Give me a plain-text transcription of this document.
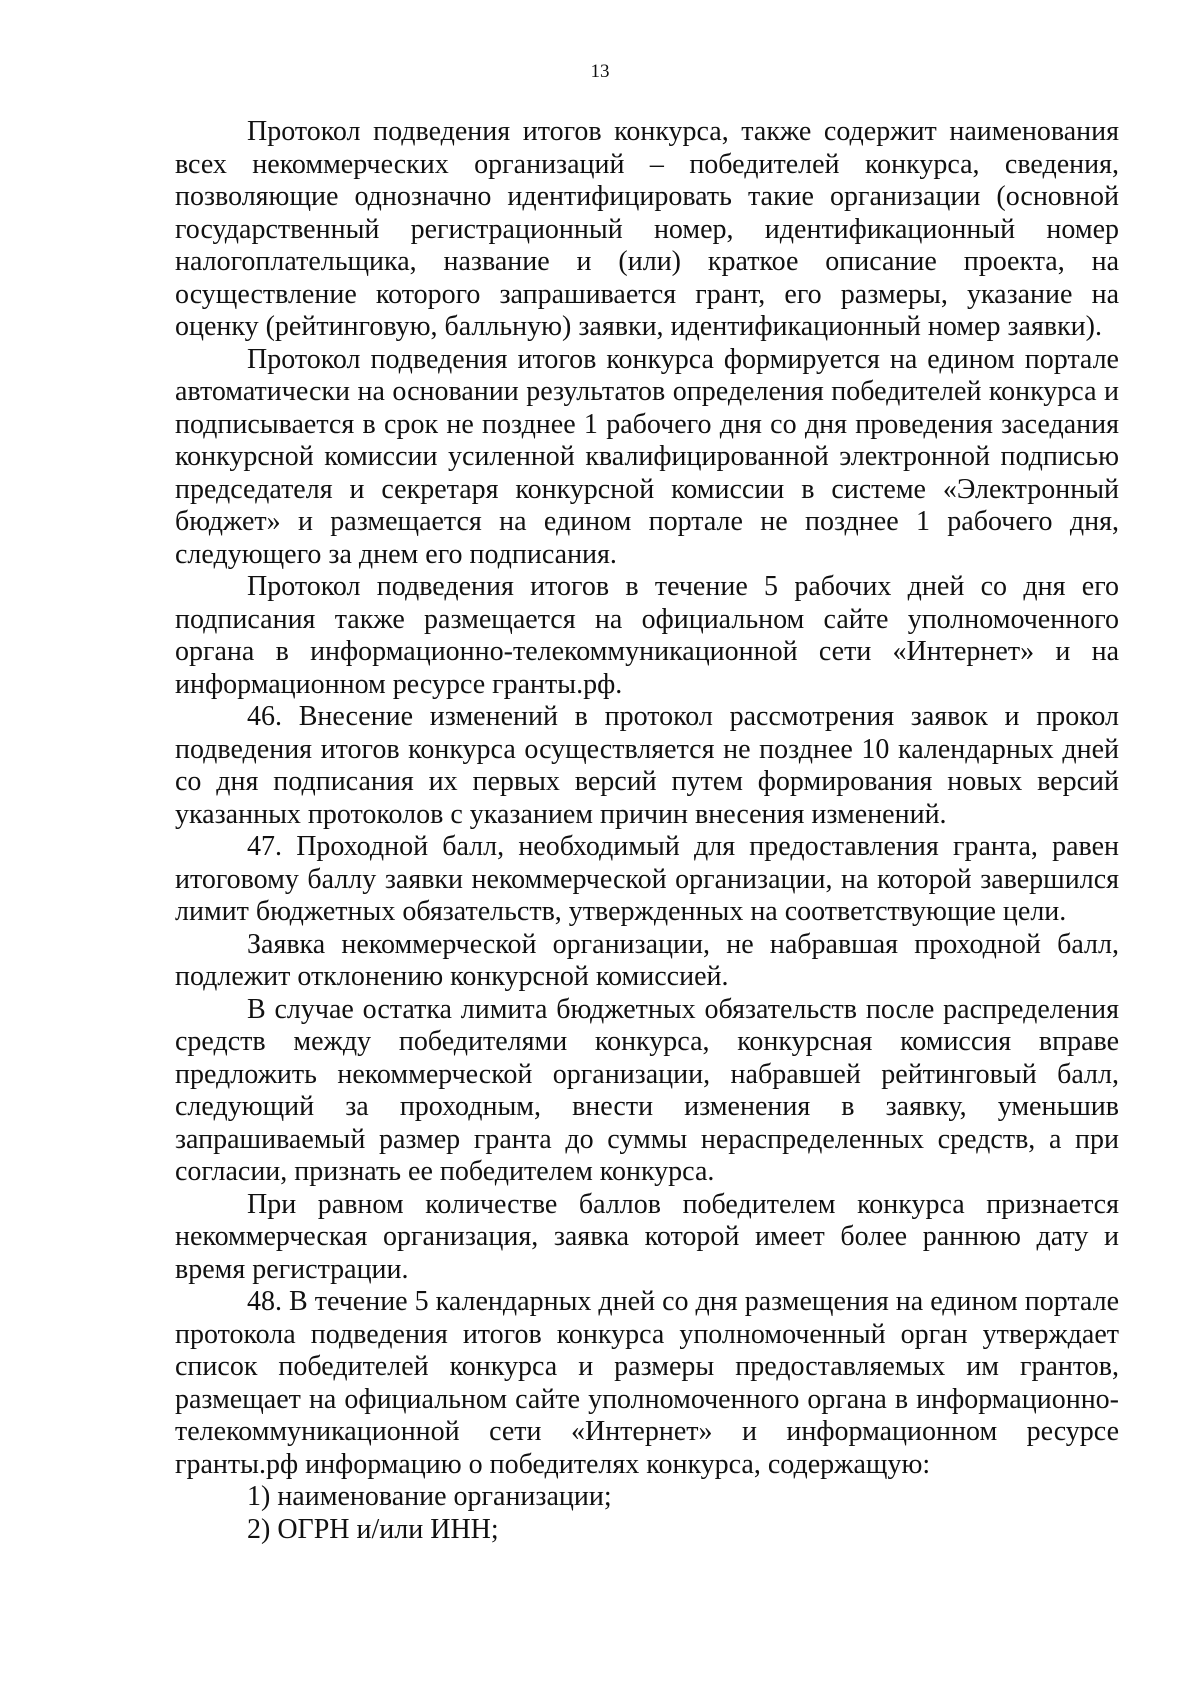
13

Протокол подведения итогов конкурса, также содержит наименования всех некоммерческих организаций – победителей конкурса, сведения, позволяющие однозначно идентифицировать такие организации (основной государственный регистрационный номер, идентификационный номер налогоплательщика, название и (или) краткое описание проекта, на осуществление которого запрашивается грант, его размеры, указание на оценку (рейтинговую, балльную) заявки, идентификационный номер заявки).

Протокол подведения итогов конкурса формируется на едином портале автоматически на основании результатов определения победителей конкурса и подписывается в срок не позднее 1 рабочего дня со дня проведения заседания конкурсной комиссии усиленной квалифицированной электронной подписью председателя и секретаря конкурсной комиссии в системе «Электронный бюджет» и размещается на едином портале не позднее 1 рабочего дня, следующего за днем его подписания.

Протокол подведения итогов в течение 5 рабочих дней со дня его подписания также размещается на официальном сайте уполномоченного органа в информационно-телекоммуникационной сети «Интернет» и на информационном ресурсе гранты.рф.

46. Внесение изменений в протокол рассмотрения заявок и прокол подведения итогов конкурса осуществляется не позднее 10 календарных дней со дня подписания их первых версий путем формирования новых версий указанных протоколов с указанием причин внесения изменений.

47. Проходной балл, необходимый для предоставления гранта, равен итоговому баллу заявки некоммерческой организации, на которой завершился лимит бюджетных обязательств, утвержденных на соответствующие цели.

Заявка некоммерческой организации, не набравшая проходной балл, подлежит отклонению конкурсной комиссией.

В случае остатка лимита бюджетных обязательств после распределения средств между победителями конкурса, конкурсная комиссия вправе предложить некоммерческой организации, набравшей рейтинговый балл, следующий за проходным, внести изменения в заявку, уменьшив запрашиваемый размер гранта до суммы нераспределенных средств, а при согласии, признать ее победителем конкурса.

При равном количестве баллов победителем конкурса признается некоммерческая организация, заявка которой имеет более раннюю дату и время регистрации.

48. В течение 5 календарных дней со дня размещения на едином портале протокола подведения итогов конкурса уполномоченный орган утверждает список победителей конкурса и размеры предоставляемых им грантов, размещает на официальном сайте уполномоченного органа в информационно-телекоммуникационной сети «Интернет» и информационном ресурсе гранты.рф информацию о победителях конкурса, содержащую:

1) наименование организации;

2) ОГРН и/или ИНН;
